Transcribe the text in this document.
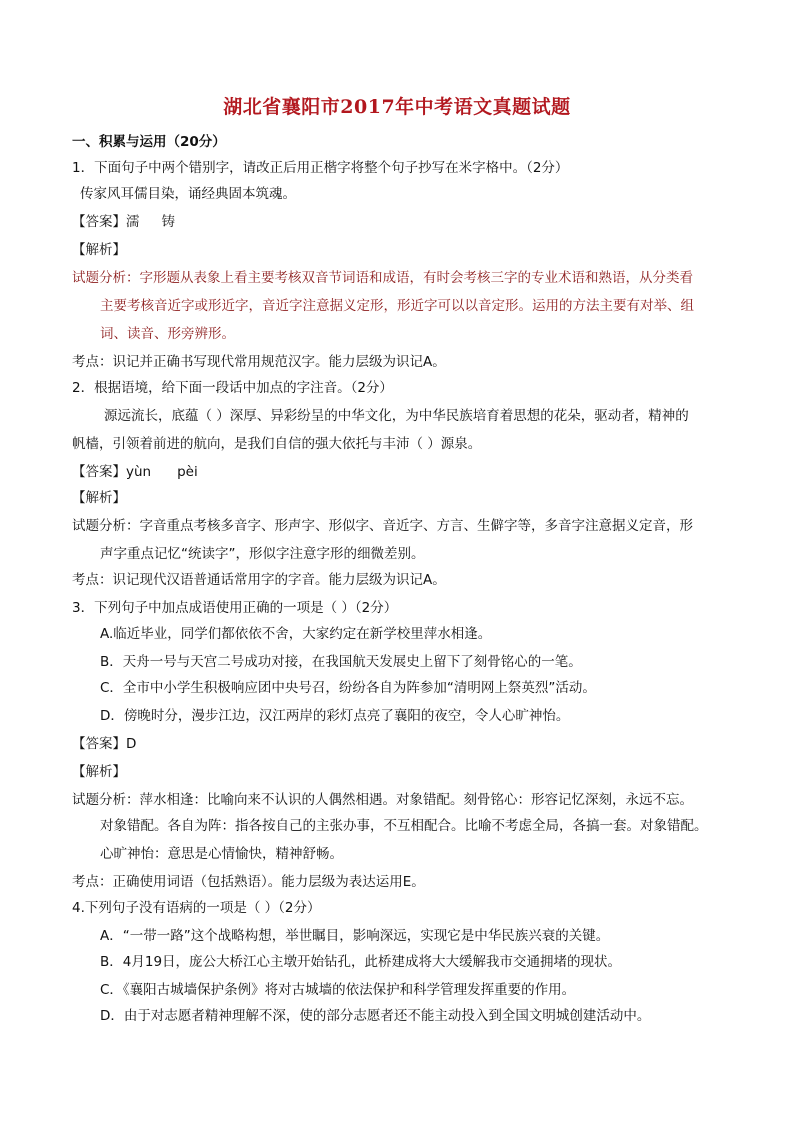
湖北省襄阳市2017年中考语文真题试题
一、积累与运用（20分）
1．下面句子中两个错别字，请改正后用正楷字将整个句子抄写在米字格中。（2分）
传家风耳儒目染，诵经典固本筑魂。
【答案】濡 铸
【解析】
试题分析：字形题从表象上看主要考核双音节词语和成语，有时会考核三字的专业术语和熟语，从分类看
主要考核音近字或形近字，音近字注意据义定形，形近字可以以音定形。运用的方法主要有对举、组
词、读音、形旁辨形。
考点：识记并正确书写现代常用规范汉字。能力层级为识记A。
2．根据语境，给下面一段话中加点的字注音。（2分）
源远流长，底蕴（ ）深厚、异彩纷呈的中华文化，为中华民族培育着思想的花朵，驱动者，精神的
帆樯，引领着前进的航向，是我们自信的强大依托与丰沛（ ）源泉。
【答案】yùn pèi
【解析】
试题分析：字音重点考核多音字、形声字、形似字、音近字、方言、生僻字等，多音字注意据义定音，形
声字重点记忆“统读字”，形似字注意字形的细微差别。
考点：识记现代汉语普通话常用字的字音。能力层级为识记A。
3．下列句子中加点成语使用正确的一项是（ ）（2分）
A.临近毕业，同学们都依依不舍，大家约定在新学校里萍水相逢。
B．天舟一号与天宫二号成功对接，在我国航天发展史上留下了刻骨铭心的一笔。
C．全市中小学生积极响应团中央号召，纷纷各自为阵参加“清明网上祭英烈”活动。
D．傍晚时分，漫步江边，汉江两岸的彩灯点亮了襄阳的夜空，令人心旷神怡。
【答案】D
【解析】
试题分析：萍水相逢：比喻向来不认识的人偶然相遇。对象错配。刻骨铭心：形容记忆深刻，永远不忘。
对象错配。各自为阵：指各按自己的主张办事，不互相配合。比喻不考虑全局，各搞一套。对象错配。
心旷神怡：意思是心情愉快，精神舒畅。
考点：正确使用词语（包括熟语）。能力层级为表达运用E。
4.下列句子没有语病的一项是（ ）（2分）
A．“一带一路”这个战略构想，举世瞩目，影响深远，实现它是中华民族兴衰的关键。
B．4月19日，庞公大桥江心主墩开始钻孔，此桥建成将大大缓解我市交通拥堵的现状。
C．《襄阳古城墙保护条例》将对古城墙的依法保护和科学管理发挥重要的作用。
D．由于对志愿者精神理解不深，使的部分志愿者还不能主动投入到全国文明城创建活动中。
